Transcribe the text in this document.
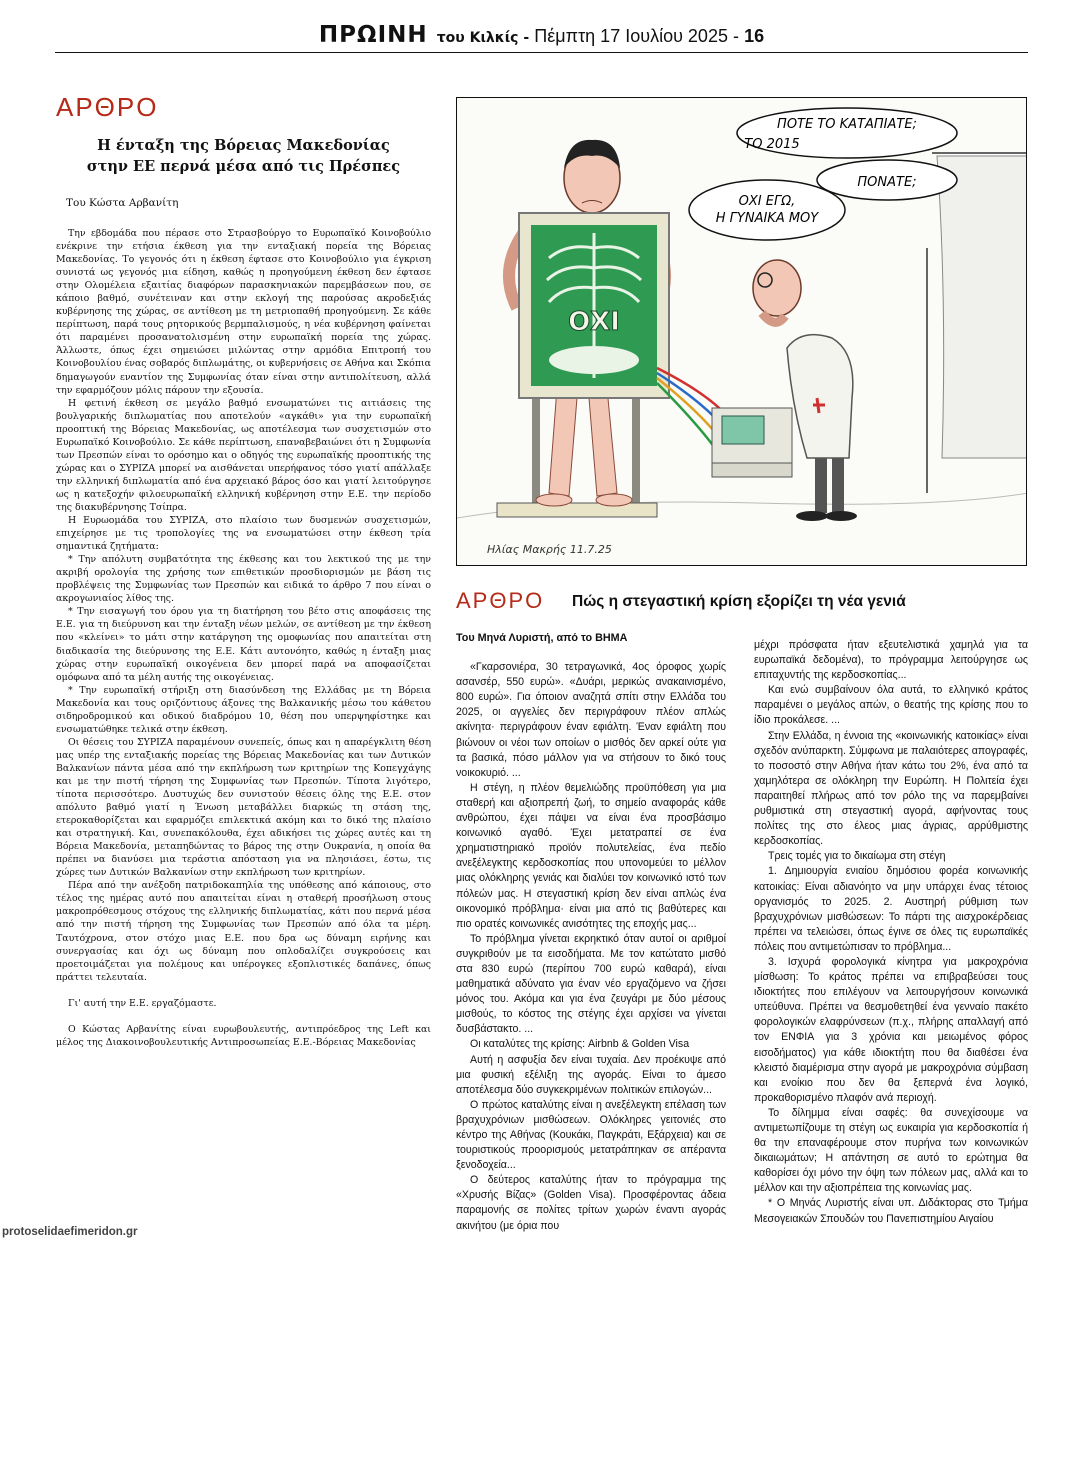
ΠΡΩΙΝΗ του Κιλκίς - Πέμπτη 17 Ιουλίου 2025 - 16
ΑΡΘΡΟ
Η ένταξη της Βόρειας Μακεδονίας
στην ΕΕ περνά μέσα από τις Πρέσπες
Του Κώστα Αρβανίτη

Την εβδομάδα που πέρασε στο Στρασβούργο το Ευρωπαϊκό Κοινοβούλιο ενέκρινε την ετήσια έκθεση για την ενταξιακή πορεία της Βόρειας Μακεδονίας. Το γεγονός ότι η έκθεση έφτασε στο Κοινοβούλιο για έγκριση συνιστά ως γεγονός μια είδηση, καθώς η προηγούμενη έκθεση δεν έφτασε στην Ολομέλεια εξαιτίας διαφόρων παρασκηνιακών παρεμβάσεων που, σε κάποιο βαθμό, συνέτειναν και στην εκλογή της παρούσας ακροδεξιάς κυβέρνησης της χώρας, σε αντίθεση με τη μετριοπαθή προηγούμενη. Σε κάθε περίπτωση, παρά τους ρητορικούς βερμπαλισμούς, η νέα κυβέρνηση φαίνεται ότι παραμένει προσανατολισμένη στην ευρωπαϊκή πορεία της χώρας. Άλλωστε, όπως έχει σημειώσει μιλώντας στην αρμόδια Επιτροπή του Κοινοβουλίου ένας σοβαρός διπλωμάτης, οι κυβερνήσεις σε Αθήνα και Σκόπια δημαγωγούν εναντίον της Συμφωνίας όταν είναι στην αντιπολίτευση, αλλά την εφαρμόζουν μόλις πάρουν την εξουσία.

Η φετινή έκθεση σε μεγάλο βαθμό ενσωματώνει τις αιτιάσεις της βουλγαρικής διπλωματίας που αποτελούν «αγκάθι» για την ευρωπαϊκή προοπτική της Βόρειας Μακεδονίας, ως αποτέλεσμα των συσχετισμών στο Ευρωπαϊκό Κοινοβούλιο. Σε κάθε περίπτωση, επαναβεβαιώνει ότι η Συμφωνία των Πρεσπών είναι το ορόσημο και ο οδηγός της ευρωπαϊκής προοπτικής της χώρας και ο ΣΥΡΙΖΑ μπορεί να αισθάνεται υπερήφανος τόσο γιατί απάλλαξε την ελληνική διπλωματία από ένα αρχειακό βάρος όσο και γιατί λειτούργησε ως η κατεξοχήν φιλοευρωπαϊκή ελληνική κυβέρνηση στην Ε.Ε. την περίοδο της διακυβέρνησης Τσίπρα.

Η Ευρωομάδα του ΣΥΡΙΖΑ, στο πλαίσιο των δυσμενών συσχετισμών, επιχείρησε με τις τροπολογίες της να ενσωματώσει στην έκθεση τρία σημαντικά ζητήματα:

* Την απόλυτη συμβατότητα της έκθεσης και του λεκτικού της με την ακριβή ορολογία της χρήσης των επιθετικών προσδιορισμών με βάση τις προβλέψεις της Συμφωνίας των Πρεσπών και ειδικά το άρθρο 7 που είναι ο ακρογωνιαίος λίθος της.

* Την εισαγωγή του όρου για τη διατήρηση του βέτο στις αποφάσεις της Ε.Ε. για τη διεύρυνση και την ένταξη νέων μελών, σε αντίθεση με την έκθεση που «κλείνει» το μάτι στην κατάργηση της ομοφωνίας που απαιτείται στη διαδικασία της διεύρυνσης της Ε.Ε. Κάτι αυτονόητο, καθώς η ένταξη μιας χώρας στην ευρωπαϊκή οικογένεια δεν μπορεί παρά να αποφασίζεται ομόφωνα από τα μέλη αυτής της οικογένειας.

* Την ευρωπαϊκή στήριξη στη διασύνδεση της Ελλάδας με τη Βόρεια Μακεδονία και τους οριζόντιους άξονες της Βαλκανικής μέσω του κάθετου σιδηροδρομικού και οδικού διαδρόμου 10, θέση που υπερψηφίστηκε και ενσωματώθηκε τελικά στην έκθεση.

Οι θέσεις του ΣΥΡΙΖΑ παραμένουν συνεπείς, όπως και η απαρέγκλιτη θέση μας υπέρ της ενταξιακής πορείας της Βόρειας Μακεδονίας και των Δυτικών Βαλκανίων πάντα μέσα από την εκπλήρωση των κριτηρίων της Κοπεγχάγης και με την πιστή τήρηση της Συμφωνίας των Πρεσπών. Τίποτα λιγότερο, τίποτα περισσότερο. Δυστυχώς δεν συνιστούν θέσεις όλης της Ε.Ε. στον απόλυτο βαθμό γιατί η Ένωση μεταβάλλει διαρκώς τη στάση της, ετεροκαθορίζεται και εφαρμόζει επιλεκτικά ακόμη και το δικό της πλαίσιο και στρατηγική. Και, συνεπακόλουθα, έχει αδικήσει τις χώρες αυτές και τη Βόρεια Μακεδονία, μεταπηδώντας το βάρος της στην Ουκρανία, η οποία θα πρέπει να διανύσει μια τεράστια απόσταση για να πλησιάσει, έστω, τις χώρες των Δυτικών Βαλκανίων στην εκπλήρωση των κριτηρίων.

Πέρα από την ανέξοδη πατριδοκαπηλία της υπόθεσης από κάποιους, στο τέλος της ημέρας αυτό που απαιτείται είναι η σταθερή προσήλωση στους μακροπρόθεσμους στόχους της ελληνικής διπλωματίας, κάτι που περνά μέσα από την πιστή τήρηση της Συμφωνίας των Πρεσπών από όλα τα μέρη. Ταυτόχρονα, στον στόχο μιας Ε.Ε. που δρα ως δύναμη ειρήνης και συνεργασίας και όχι ως δύναμη που οπλοδαλίζει συγκρούσεις και προετοιμάζεται για πολέμους και υπέρογκες εξοπλιστικές δαπάνες, όπως πράττει τελευταία.

Γι' αυτή την Ε.Ε. εργαζόμαστε.

Ο Κώστας Αρβανίτης είναι ευρωβουλευτής, αντιπρόεδρος της Left και μέλος της Διακοινοβουλευτικής Αντιπροσωπείας Ε.Ε.-Βόρειας Μακεδονίας

ΟΧΙ
ΠΟΤΕ ΤΟ ΚΑΤΑΠΙΑΤΕ;
ΤΟ 2015
ΠΟΝΑΤΕ;
ΟΧΙ ΕΓΩ,
Η ΓΥΝΑΙΚΑ ΜΟΥ
Ηλίας Μακρής 11.7.25
ΑΡΘΡΟ Πώς η στεγαστική κρίση εξορίζει τη νέα γενιά

Του Μηνά Λυριστή, από το ΒΗΜΑ

«Γκαρσονιέρα, 30 τετραγωνικά, 4ος όροφος χωρίς ασανσέρ, 550 ευρώ». «Δυάρι, μερικώς ανακαινισμένο, 800 ευρώ». Για όποιον αναζητά σπίτι στην Ελλάδα του 2025, οι αγγελίες δεν περιγράφουν πλέον απλώς ακίνητα· περιγράφουν έναν εφιάλτη. Έναν εφιάλτη που βιώνουν οι νέοι των οποίων ο μισθός δεν αρκεί ούτε για τα βασικά, πόσο μάλλον για να στήσουν το δικό τους νοικοκυριό. ...

Η στέγη, η πλέον θεμελιώδης προϋπόθεση για μια σταθερή και αξιοπρεπή ζωή, το σημείο αναφοράς κάθε ανθρώπου, έχει πάψει να είναι ένα προσβάσιμο κοινωνικό αγαθό. Έχει μετατραπεί σε ένα χρηματιστηριακό προϊόν πολυτελείας, ένα πεδίο ανεξέλεγκτης κερδοσκοπίας που υπονομεύει το μέλλον μιας ολόκληρης γενιάς και διαλύει τον κοινωνικό ιστό των πόλεών μας. Η στεγαστική κρίση δεν είναι απλώς ένα οικονομικό πρόβλημα· είναι μια από τις βαθύτερες και πιο ορατές κοινωνικές ανισότητες της εποχής μας...

Το πρόβλημα γίνεται εκρηκτικό όταν αυτοί οι αριθμοί συγκριθούν με τα εισοδήματα. Με τον κατώτατο μισθό στα 830 ευρώ (περίπου 700 ευρώ καθαρά), είναι μαθηματικά αδύνατο για έναν νέο εργαζόμενο να ζήσει μόνος του. Ακόμα και για ένα ζευγάρι με δύο μέσους μισθούς, το κόστος της στέγης έχει αρχίσει να γίνεται δυσβάστακτο. ...

Οι καταλύτες της κρίσης: Airbnb & Golden Visa

Αυτή η ασφυξία δεν είναι τυχαία. Δεν προέκυψε από μια φυσική εξέλιξη της αγοράς. Είναι το άμεσο αποτέλεσμα δύο συγκεκριμένων πολιτικών επιλογών...

Ο πρώτος καταλύτης είναι η ανεξέλεγκτη επέλαση των βραχυχρόνιων μισθώσεων. Ολόκληρες γειτονιές στο κέντρο της Αθήνας (Κουκάκι, Παγκράτι, Εξάρχεια) και σε τουριστικούς προορισμούς μετατράπηκαν σε απέραντα ξενοδοχεία...

Ο δεύτερος καταλύτης ήταν το πρόγραμμα της «Χρυσής Βίζας» (Golden Visa). Προσφέροντας άδεια παραμονής σε πολίτες τρίτων χωρών έναντι αγοράς ακινήτου (με όρια που

μέχρι πρόσφατα ήταν εξευτελιστικά χαμηλά για τα ευρωπαϊκά δεδομένα), το πρόγραμμα λειτούργησε ως επιταχυντής της κερδοσκοπίας...

Και ενώ συμβαίνουν όλα αυτά, το ελληνικό κράτος παραμένει ο μεγάλος απών, ο θεατής της κρίσης που το ίδιο προκάλεσε. ...

Στην Ελλάδα, η έννοια της «κοινωνικής κατοικίας» είναι σχεδόν ανύπαρκτη. Σύμφωνα με παλαιότερες απογραφές, το ποσοστό στην Αθήνα ήταν κάτω του 2%, ένα από τα χαμηλότερα σε ολόκληρη την Ευρώπη. Η Πολιτεία έχει παραιτηθεί πλήρως από τον ρόλο της να παρεμβαίνει ρυθμιστικά στη στεγαστική αγορά, αφήνοντας τους πολίτες της στο έλεος μιας άγριας, αρρύθμιστης κερδοσκοπίας.

Τρεις τομές για το δικαίωμα στη στέγη

1. Δημιουργία ενιαίου δημόσιου φορέα κοινωνικής κατοικίας: Είναι αδιανόητο να μην υπάρχει ένας τέτοιος οργανισμός το 2025. 2. Αυστηρή ρύθμιση των βραχυχρόνιων μισθώσεων: Το πάρτι της αισχροκέρδειας πρέπει να τελειώσει, όπως έγινε σε όλες τις ευρωπαϊκές πόλεις που αντιμετώπισαν το πρόβλημα...

3. Ισχυρά φορολογικά κίνητρα για μακροχρόνια μίσθωση: Το κράτος πρέπει να επιβραβεύσει τους ιδιοκτήτες που επιλέγουν να λειτουργήσουν κοινωνικά υπεύθυνα. Πρέπει να θεσμοθετηθεί ένα γενναίο πακέτο φορολογικών ελαφρύνσεων (π.χ., πλήρης απαλλαγή από τον ΕΝΦΙΑ για 3 χρόνια και μειωμένος φόρος εισοδήματος) για κάθε ιδιοκτήτη που θα διαθέσει ένα κλειστό διαμέρισμα στην αγορά με μακροχρόνια σύμβαση και ενοίκιο που δεν θα ξεπερνά ένα λογικό, προκαθορισμένο πλαφόν ανά περιοχή.

Το δίλημμα είναι σαφές: θα συνεχίσουμε να αντιμετωπίζουμε τη στέγη ως ευκαιρία για κερδοσκοπία ή θα την επαναφέρουμε στον πυρήνα των κοινωνικών δικαιωμάτων; Η απάντηση σε αυτό το ερώτημα θα καθορίσει όχι μόνο την όψη των πόλεων μας, αλλά και το μέλλον και την αξιοπρέπεια της κοινωνίας μας.

* Ο Μηνάς Λυριστής είναι υπ. Διδάκτορας στο Τμήμα Μεσογειακών Σπουδών του Πανεπιστημίου Αιγαίου

protoselidaefimeridon.gr
